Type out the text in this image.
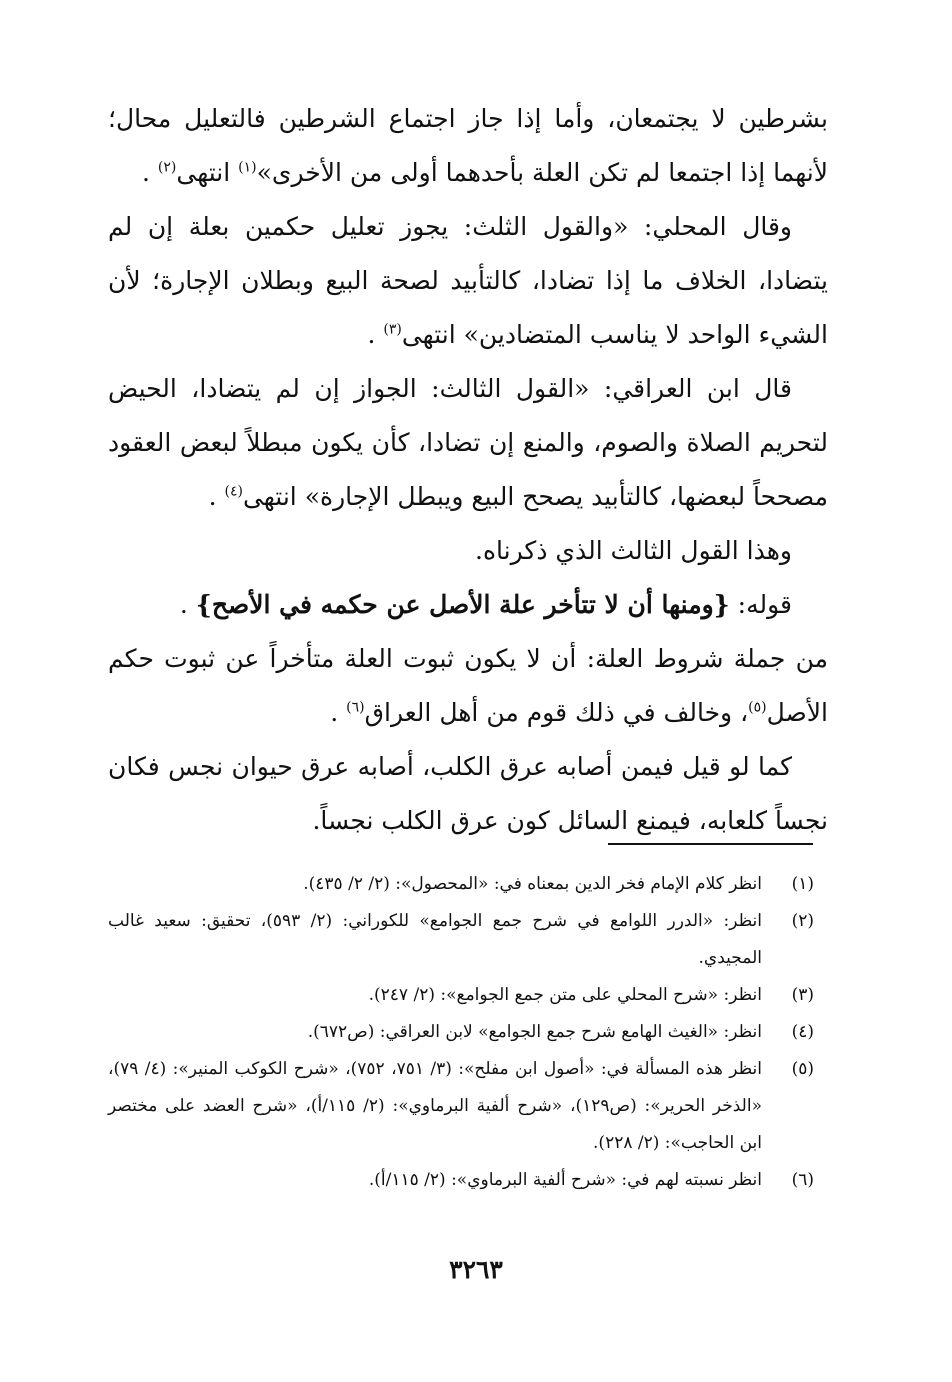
بشرطين لا يجتمعان، وأما إذا جاز اجتماع الشرطين فالتعليل محال؛ لأنهما إذا اجتمعا لم تكن العلة بأحدهما أولى من الأخرى»$^{(١)}$ انتهى$^{(٢)}$ .

وقال المحلي: «والقول الثلث: يجوز تعليل حكمين بعلة إن لم يتضادا، الخلاف ما إذا تضادا، كالتأبيد لصحة البيع وبطلان الإجارة؛ لأن الشيء الواحد لا يناسب المتضادين» انتهى$^{(٣)}$ .

قال ابن العراقي: «القول الثالث: الجواز إن لم يتضادا، الحيض لتحريم الصلاة والصوم، والمنع إن تضادا، كأن يكون مبطلاً لبعض العقود مصححاً لبعضها، كالتأبيد يصحح البيع ويبطل الإجارة» انتهى$^{(٤)}$ .

وهذا القول الثالث الذي ذكرناه.

قوله: {ومنها أن لا تتأخر علة الأصل عن حكمه في الأصح} .

من جملة شروط العلة: أن لا يكون ثبوت العلة متأخراً عن ثبوت حكم الأصل$^{(٥)}$، وخالف في ذلك قوم من أهل العراق$^{(٦)}$ .

كما لو قيل فيمن أصابه عرق الكلب، أصابه عرق حيوان نجس فكان نجساً كلعابه، فيمنع السائل كون عرق الكلب نجساً.

(١)
انظر كلام الإمام فخر الدين بمعناه في: «المحصول»: (٢/ ٢/ ٤٣٥).
(٢)
انظر: «الدرر اللوامع في شرح جمع الجوامع» للكوراني: (٢/ ٥٩٣)، تحقيق: سعيد غالب المجيدي.
(٣)
انظر: «شرح المحلي على متن جمع الجوامع»: (٢/ ٢٤٧).
(٤)
انظر: «الغيث الهامع شرح جمع الجوامع» لابن العراقي: (ص٦٧٢).
(٥)
انظر هذه المسألة في: «أصول ابن مفلح»: (٣/ ٧٥١، ٧٥٢)، «شرح الكوكب المنير»: (٤/ ٧٩)، «الذخر الحرير»: (ص١٢٩)، «شرح ألفية البرماوي»: (٢/ ١١٥/أ)، «شرح العضد على مختصر ابن الحاجب»: (٢/ ٢٢٨).
(٦)
انظر نسبته لهم في: «شرح ألفية البرماوي»: (٢/ ١١٥/أ).
٣٢٦٣
